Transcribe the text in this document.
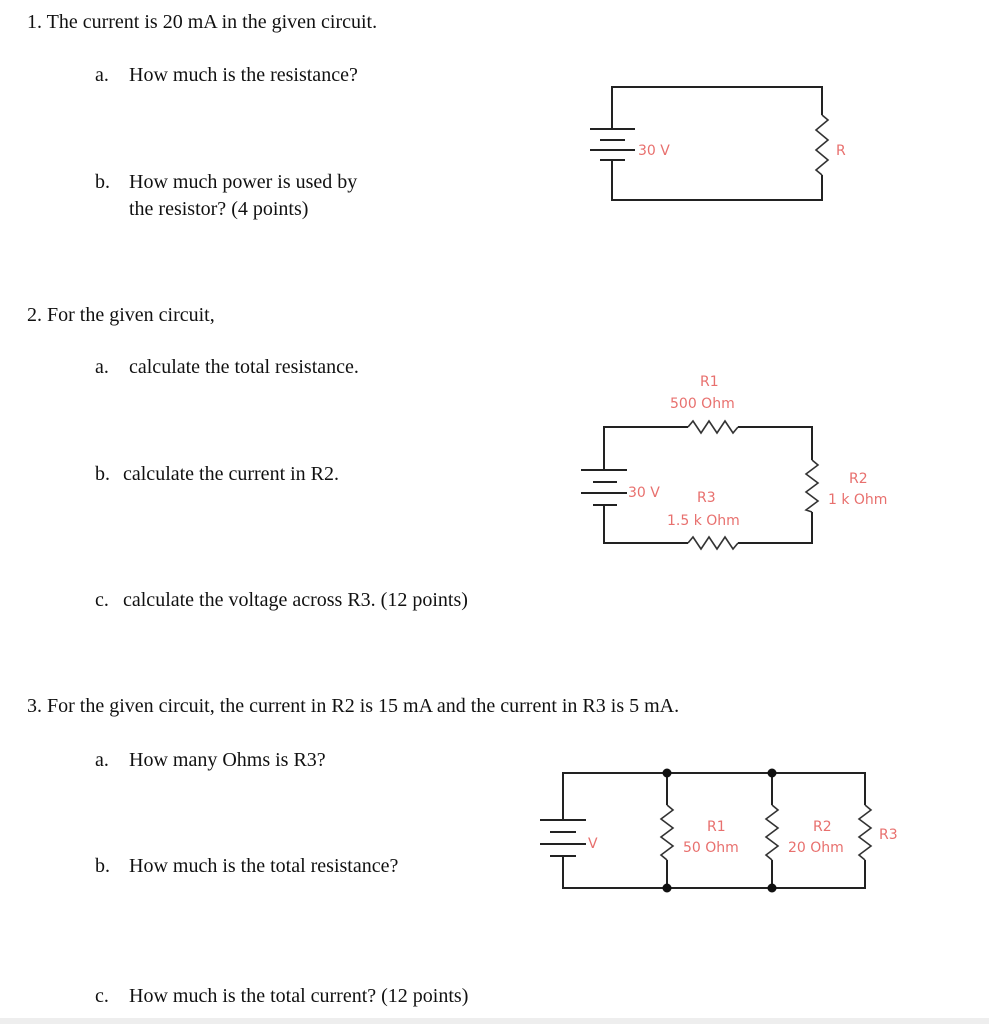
1. The current is 20 mA in the given circuit.
a. How much is the resistance?
b. How much power is used by
the resistor? (4 points)
2. For the given circuit,
a. calculate the total resistance.
b. calculate the current in R2.
c. calculate the voltage across R3. (12 points)
3. For the given circuit, the current in R2 is 15 mA and the current in R3 is 5 mA.
a. How many Ohms is R3?
b. How much is the total resistance?
c. How much is the total current? (12 points)
30 V	R
30 V
R1
500 Ohm
R2
1 k Ohm
R3
1.5 k Ohm
V
R1
50 Ohm
R2
20 Ohm
R3
